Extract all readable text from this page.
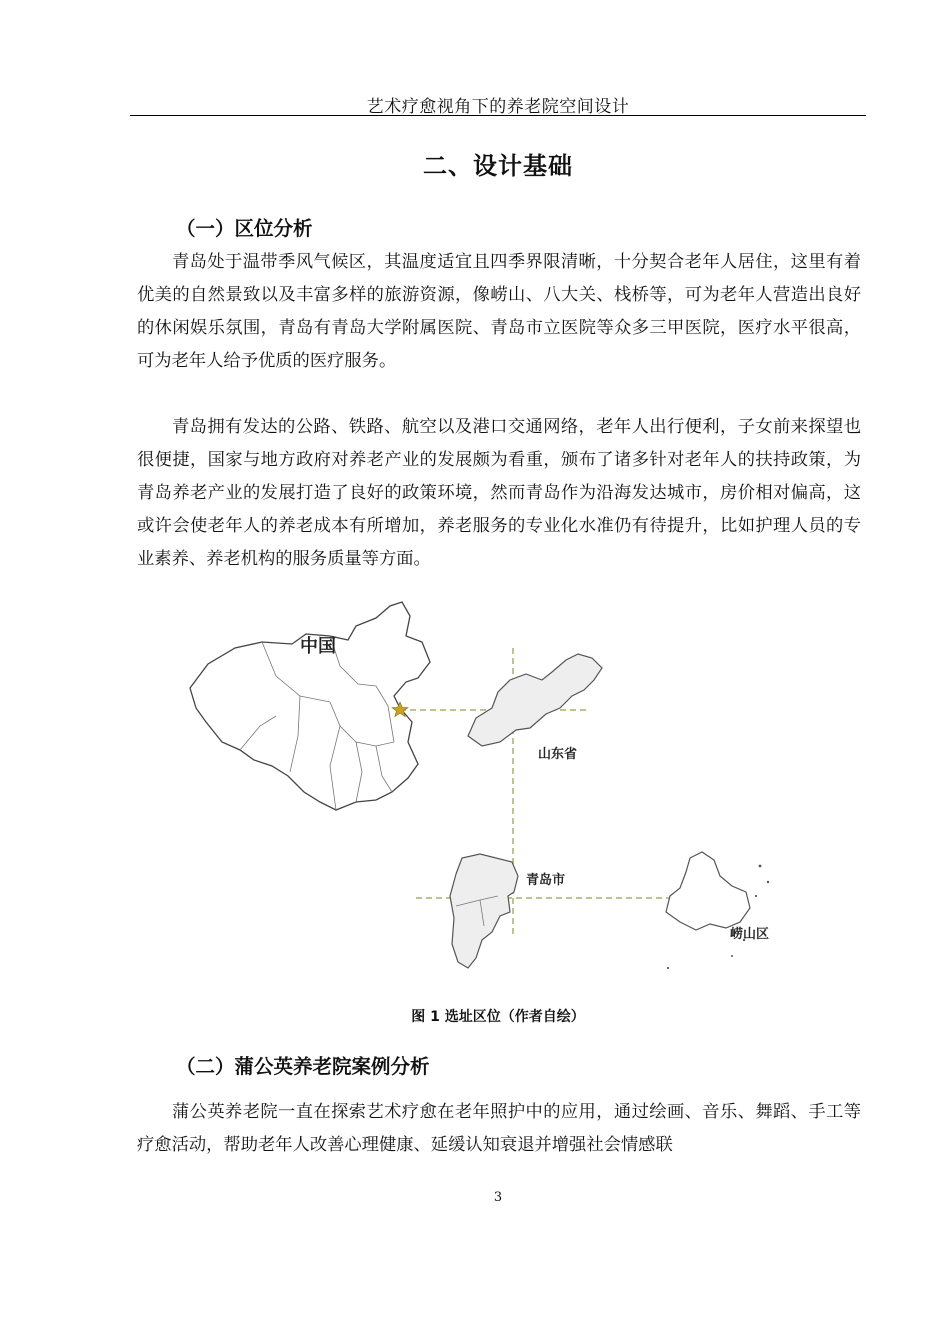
艺术疗愈视角下的养老院空间设计
二、设计基础
（一）区位分析

青岛处于温带季风气候区，其温度适宜且四季界限清晰，十分契合老年人居住，这里有着优美的自然景致以及丰富多样的旅游资源，像崂山、八大关、栈桥等，可为老年人营造出良好的休闲娱乐氛围，青岛有青岛大学附属医院、青岛市立医院等众多三甲医院，医疗水平很高，可为老年人给予优质的医疗服务。

青岛拥有发达的公路、铁路、航空以及港口交通网络，老年人出行便利，子女前来探望也很便捷，国家与地方政府对养老产业的发展颇为看重，颁布了诸多针对老年人的扶持政策，为青岛养老产业的发展打造了良好的政策环境，然而青岛作为沿海发达城市，房价相对偏高，这或许会使老年人的养老成本有所增加，养老服务的专业化水准仍有待提升，比如护理人员的专业素养、养老机构的服务质量等方面。

中国
山东省
青岛市
崂山区
图 1 选址区位（作者自绘）
（二）蒲公英养老院案例分析

蒲公英养老院一直在探索艺术疗愈在老年照护中的应用，通过绘画、音乐、舞蹈、手工等疗愈活动，帮助老年人改善心理健康、延缓认知衰退并增强社会情感联

3
